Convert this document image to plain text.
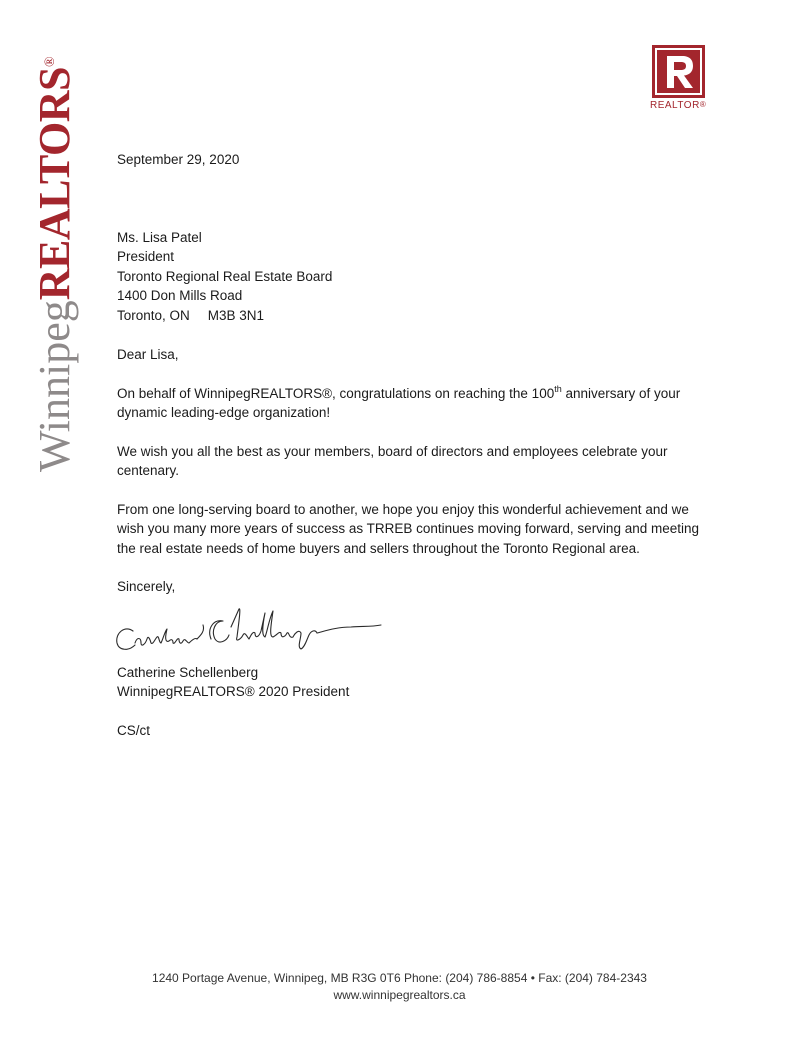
WinnipegREALTORS®
REALTOR®

September 29, 2020

Ms. Lisa Patel

President

Toronto Regional Real Estate Board

1400 Don Mills Road

Toronto, ON M3B 3N1

Dear Lisa,

On behalf of WinnipegREALTORS®, congratulations on reaching the 100th anniversary of your dynamic leading-edge organization!

We wish you all the best as your members, board of directors and employees celebrate your centenary.

From one long-serving board to another, we hope you enjoy this wonderful achievement and we wish you many more years of success as TRREB continues moving forward, serving and meeting the real estate needs of home buyers and sellers throughout the Toronto Regional area.

Sincerely,

Catherine Schellenberg

WinnipegREALTORS® 2020 President

CS/ct

1240 Portage Avenue, Winnipeg, MB R3G 0T6 Phone: (204) 786-8854 • Fax: (204) 784-2343

www.winnipegrealtors.ca
